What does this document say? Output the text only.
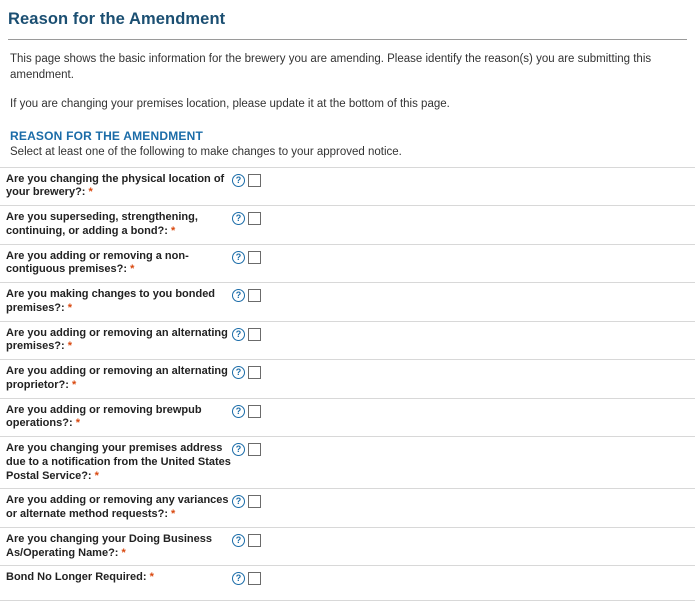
Reason for the Amendment

This page shows the basic information for the brewery you are amending. Please identify the reason(s) you are submitting this amendment.

If you are changing your premises location, please update it at the bottom of this page.

REASON FOR THE AMENDMENT

Select at least one of the following to make changes to your approved notice.

Are you changing the physical location of your brewery?: *
?
Are you superseding, strengthening, continuing, or adding a bond?: *
?
Are you adding or removing a non-contiguous premises?: *
?
Are you making changes to you bonded premises?: *
?
Are you adding or removing an alternating premises?: *
?
Are you adding or removing an alternating proprietor?: *
?
Are you adding or removing brewpub operations?: *
?
Are you changing your premises address due to a notification from the United States Postal Service?: *
?
Are you adding or removing any variances or alternate method requests?: *
?
Are you changing your Doing Business As/Operating Name?: *
?
Bond No Longer Required: *	?
